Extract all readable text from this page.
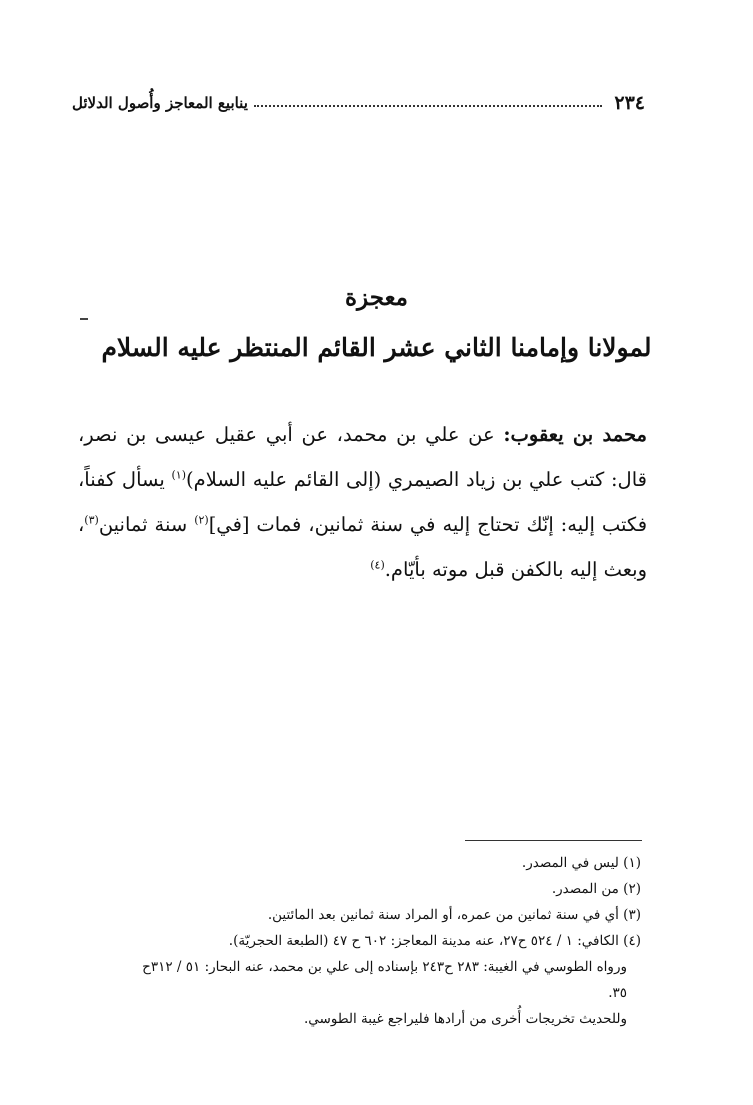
٢٣٤
ينابيع المعاجز وأُصول الدلائل
معجزة
لمولانا وإمامنا الثاني عشر القائم المنتظر عليه السلام
محمد بن يعقوب: عن علي بن محمد، عن أبي عقيل عيسى بن نصر، قال: كتب علي بن زياد الصيمري (إلى القائم عليه السلام)$^{(١)}$ يسأل كفناً، فكتب إليه: إنّك تحتاج إليه في سنة ثمانين، فمات [في]$^{(٢)}$ سنة ثمانين$^{(٣)}$، وبعث إليه بالكفن قبل موته بأيّام.$^{(٤)}$

(١) ليس في المصدر.

(٢) من المصدر.

(٣) أي في سنة ثمانين من عمره، أو المراد سنة ثمانين بعد المائتين.

(٤) الكافي: ١ / ٥٢٤ ح٢٧، عنه مدينة المعاجز: ٦٠٢ ح ٤٧ (الطبعة الحجريّة).

ورواه الطوسي في الغيبة: ٢٨٣ ح٢٤٣ بإسناده إلى علي بن محمد، عنه البحار: ٥١ / ٣١٢ح ٣٥.

وللحديث تخريجات أُخرى من أرادها فليراجع غيبة الطوسي.
